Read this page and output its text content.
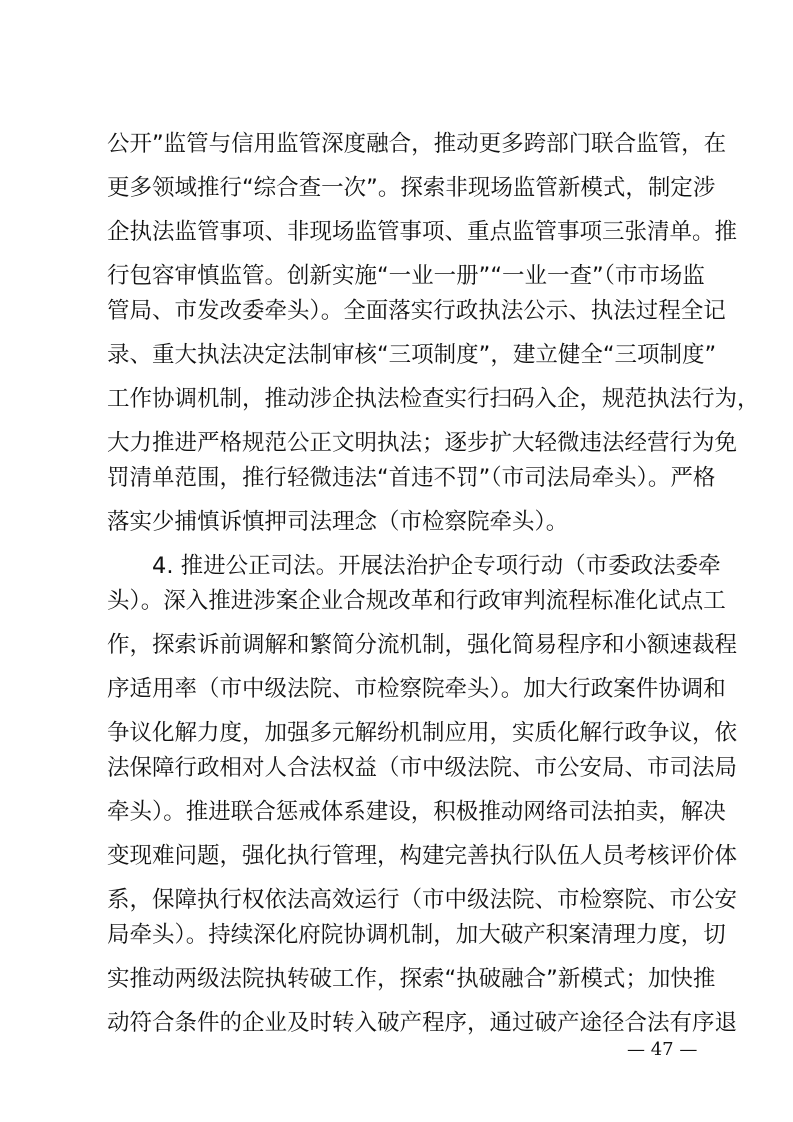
公开”监管与信用监管深度融合，推动更多跨部门联合监管，在
更多领域推行“综合查一次”。探索非现场监管新模式，制定涉
企执法监管事项、非现场监管事项、重点监管事项三张清单。推
行包容审慎监管。创新实施“一业一册”“一业一查”（市市场监
管局、市发改委牵头）。全面落实行政执法公示、执法过程全记
录、重大执法决定法制审核“三项制度”，建立健全“三项制度”
工作协调机制，推动涉企执法检查实行扫码入企，规范执法行为，
大力推进严格规范公正文明执法；逐步扩大轻微违法经营行为免
罚清单范围，推行轻微违法“首违不罚”（市司法局牵头）。严格
落实少捕慎诉慎押司法理念（市检察院牵头）。
4. 推进公正司法。开展法治护企专项行动（市委政法委牵
头）。深入推进涉案企业合规改革和行政审判流程标准化试点工
作，探索诉前调解和繁简分流机制，强化简易程序和小额速裁程
序适用率（市中级法院、市检察院牵头）。加大行政案件协调和
争议化解力度，加强多元解纷机制应用，实质化解行政争议，依
法保障行政相对人合法权益（市中级法院、市公安局、市司法局
牵头）。推进联合惩戒体系建设，积极推动网络司法拍卖，解决
变现难问题，强化执行管理，构建完善执行队伍人员考核评价体
系，保障执行权依法高效运行（市中级法院、市检察院、市公安
局牵头）。持续深化府院协调机制，加大破产积案清理力度，切
实推动两级法院执转破工作，探索“执破融合”新模式；加快推
动符合条件的企业及时转入破产程序，通过破产途径合法有序退
— 47 —
